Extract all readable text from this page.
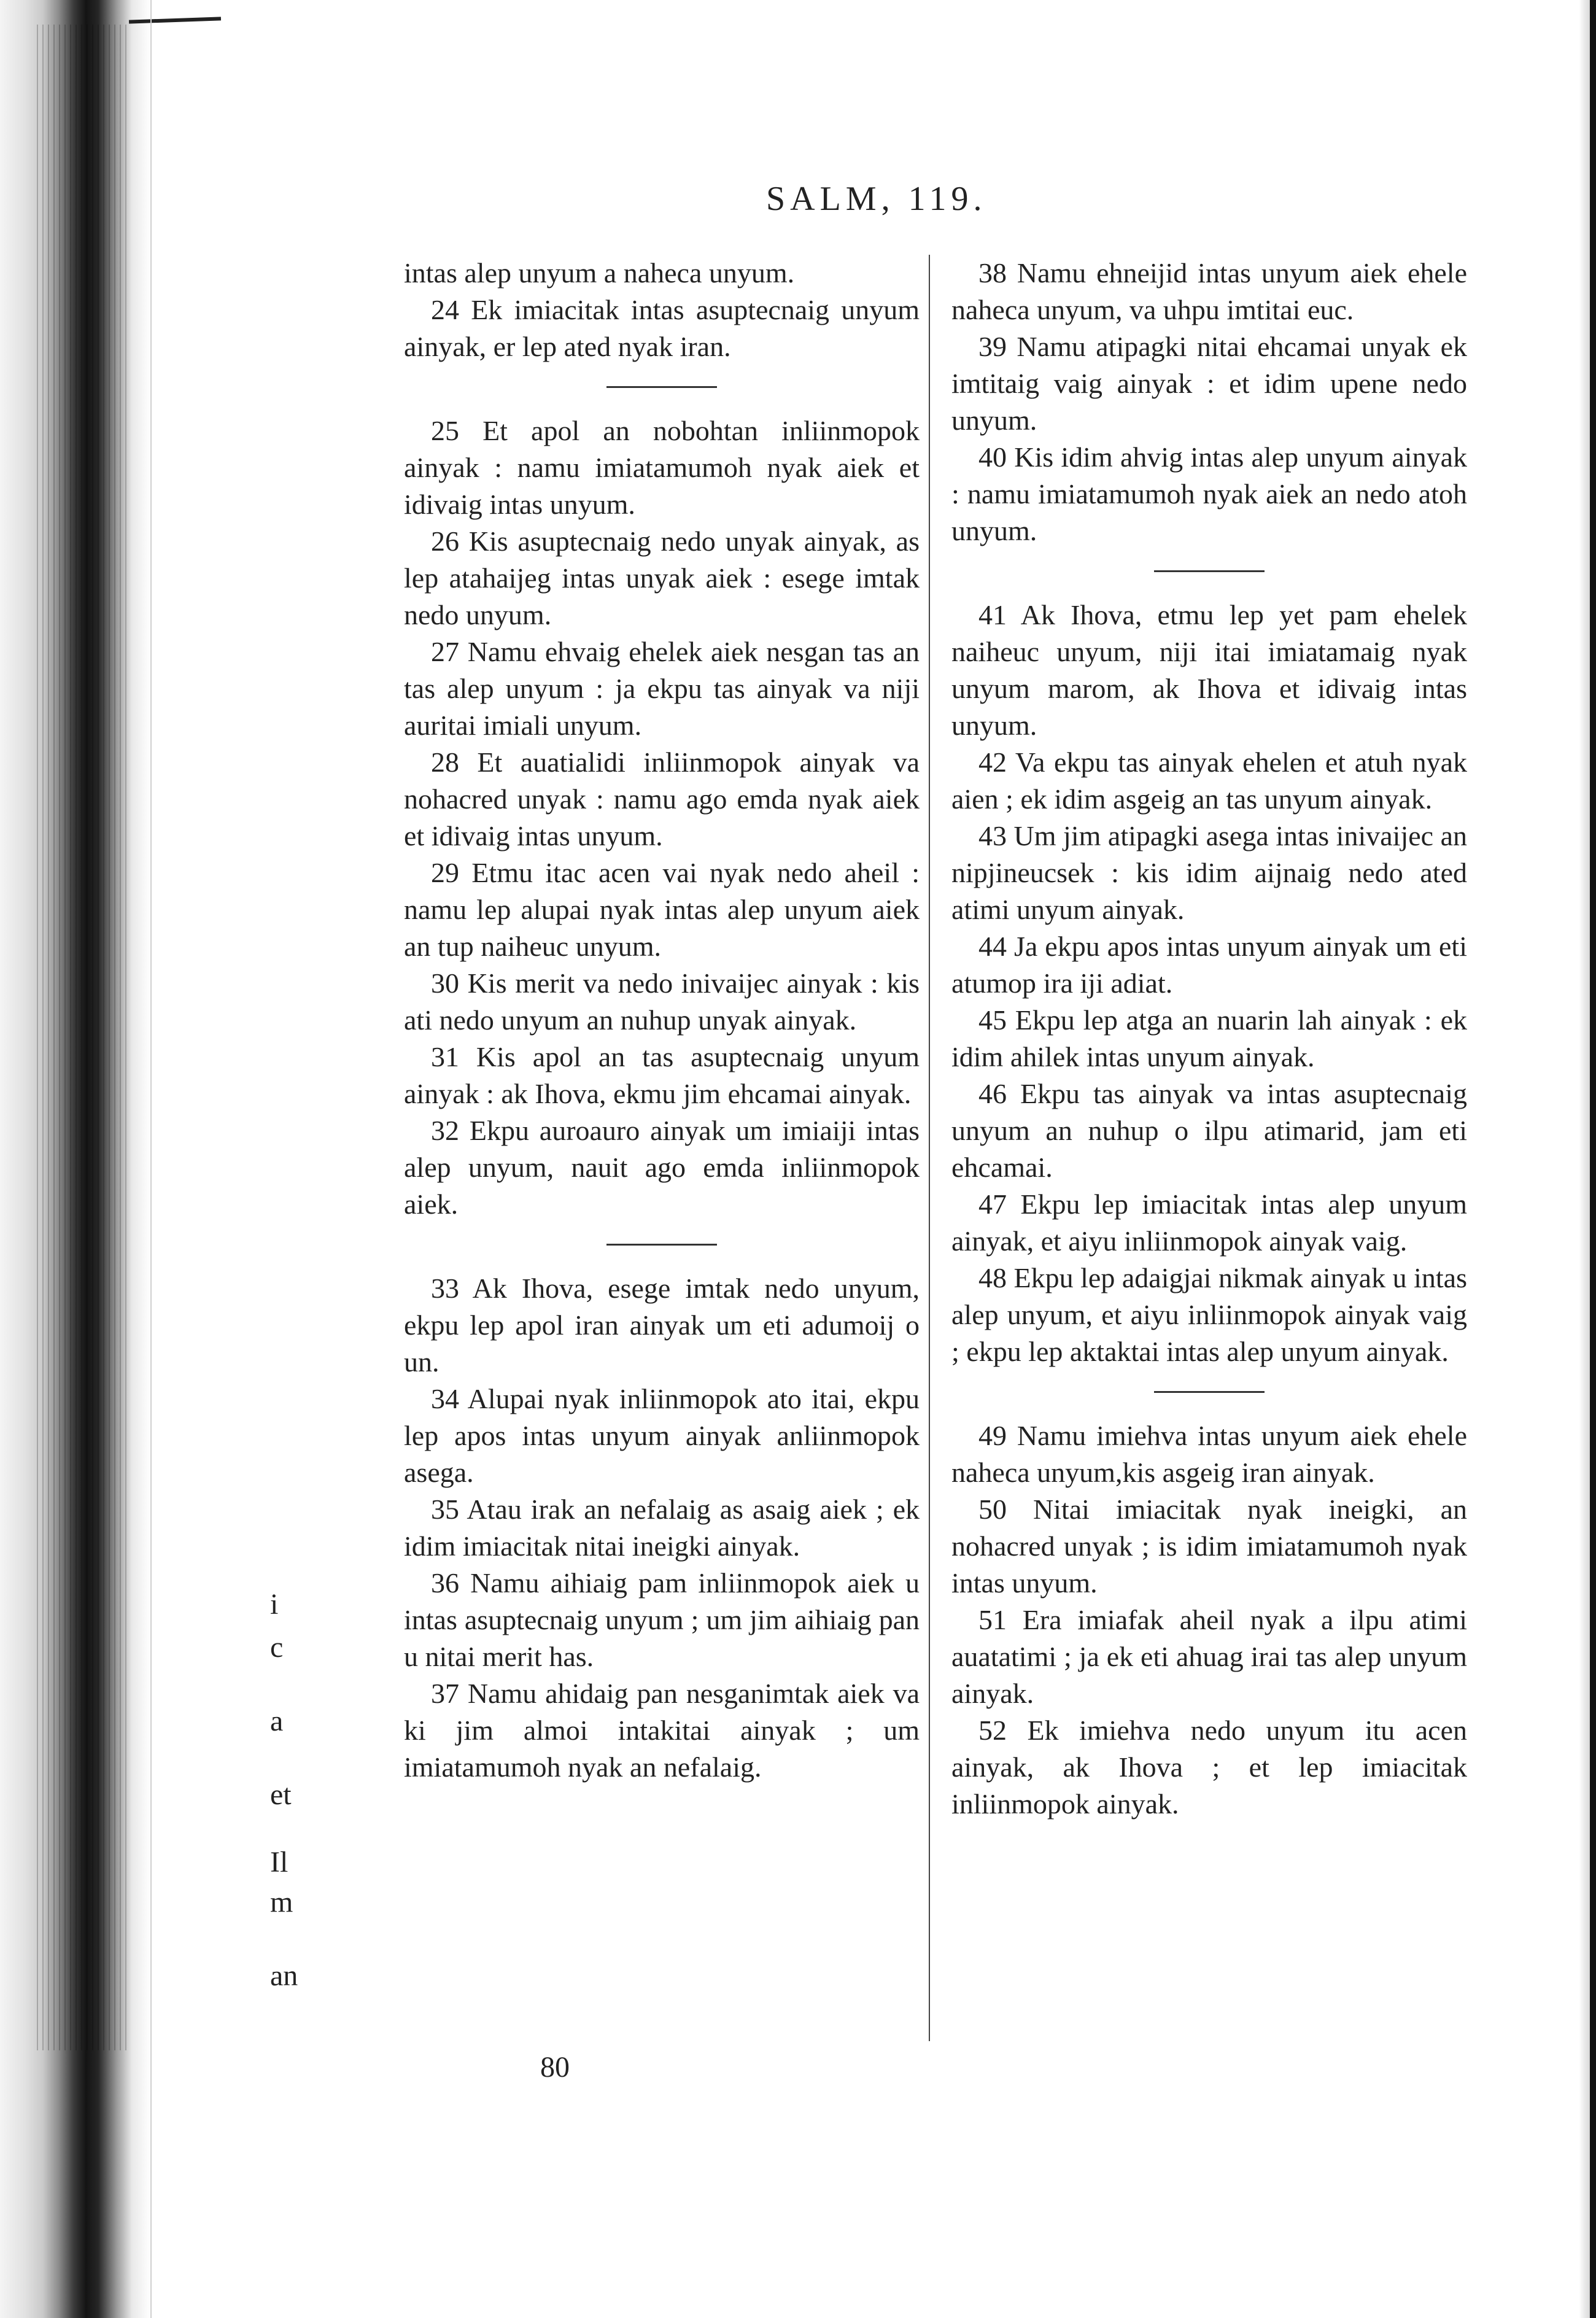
i
c
a
et
Il
m
an
SALM, 119.

intas alep unyum a naheca unyum.

24 Ek imiacitak intas asuptecnaig unyum ainyak, er lep ated nyak iran.

25 Et apol an nobohtan inliinmopok ainyak : namu imiatamumoh nyak aiek et idivaig intas unyum.

26 Kis asuptecnaig nedo unyak ainyak, as lep atahaijeg intas unyak aiek : esege imtak nedo unyum.

27 Namu ehvaig ehelek aiek nesgan tas an tas alep unyum : ja ekpu tas ainyak va niji auritai imiali unyum.

28 Et auatialidi inliinmopok ainyak va nohacred unyak : namu ago emda nyak aiek et idivaig intas unyum.

29 Etmu itac acen vai nyak nedo aheil : namu lep alupai nyak intas alep unyum aiek an tup naiheuc unyum.

30 Kis merit va nedo inivaijec ainyak : kis ati nedo unyum an nuhup unyak ainyak.

31 Kis apol an tas asuptecnaig unyum ainyak : ak Ihova, ekmu jim ehcamai ainyak.

32 Ekpu auroauro ainyak um imiaiji intas alep unyum, nauit ago emda inliinmopok aiek.

33 Ak Ihova, esege imtak nedo unyum, ekpu lep apol iran ainyak um eti adumoij o un.

34 Alupai nyak inliinmopok ato itai, ekpu lep apos intas unyum ainyak anliinmopok asega.

35 Atau irak an nefalaig as asaig aiek ; ek idim imiacitak nitai ineigki ainyak.

36 Namu aihiaig pam inliinmopok aiek u intas asuptecnaig unyum ; um jim aihiaig pan u nitai merit has.

37 Namu ahidaig pan nesganimtak aiek va ki jim almoi intakitai ainyak ; um imiatamumoh nyak an nefalaig.

38 Namu ehneijid intas unyum aiek ehele naheca unyum, va uhpu imtitai euc.

39 Namu atipagki nitai ehcamai unyak ek imtitaig vaig ainyak : et idim upene nedo unyum.

40 Kis idim ahvig intas alep unyum ainyak : namu imiatamumoh nyak aiek an nedo atoh unyum.

41 Ak Ihova, etmu lep yet pam ehelek naiheuc unyum, niji itai imiatamaig nyak unyum marom, ak Ihova et idivaig intas unyum.

42 Va ekpu tas ainyak ehelen et atuh nyak aien ; ek idim asgeig an tas unyum ainyak.

43 Um jim atipagki asega intas inivaijec an nipjineucsek : kis idim aijnaig nedo ated atimi unyum ainyak.

44 Ja ekpu apos intas unyum ainyak um eti atumop ira iji adiat.

45 Ekpu lep atga an nuarin lah ainyak : ek idim ahilek intas unyum ainyak.

46 Ekpu tas ainyak va intas asuptecnaig unyum an nuhup o ilpu atimarid, jam eti ehcamai.

47 Ekpu lep imiacitak intas alep unyum ainyak, et aiyu inliinmopok ainyak vaig.

48 Ekpu lep adaigjai nikmak ainyak u intas alep unyum, et aiyu inliinmopok ainyak vaig ; ekpu lep aktaktai intas alep unyum ainyak.

49 Namu imiehva intas unyum aiek ehele naheca unyum,kis asgeig iran ainyak.

50 Nitai imiacitak nyak ineigki, an nohacred unyak ; is idim imiatamumoh nyak intas unyum.

51 Era imiafak aheil nyak a ilpu atimi auatatimi ; ja ek eti ahuag irai tas alep unyum ainyak.

52 Ek imiehva nedo unyum itu acen ainyak, ak Ihova ; et lep imiacitak inliinmopok ainyak.

80
